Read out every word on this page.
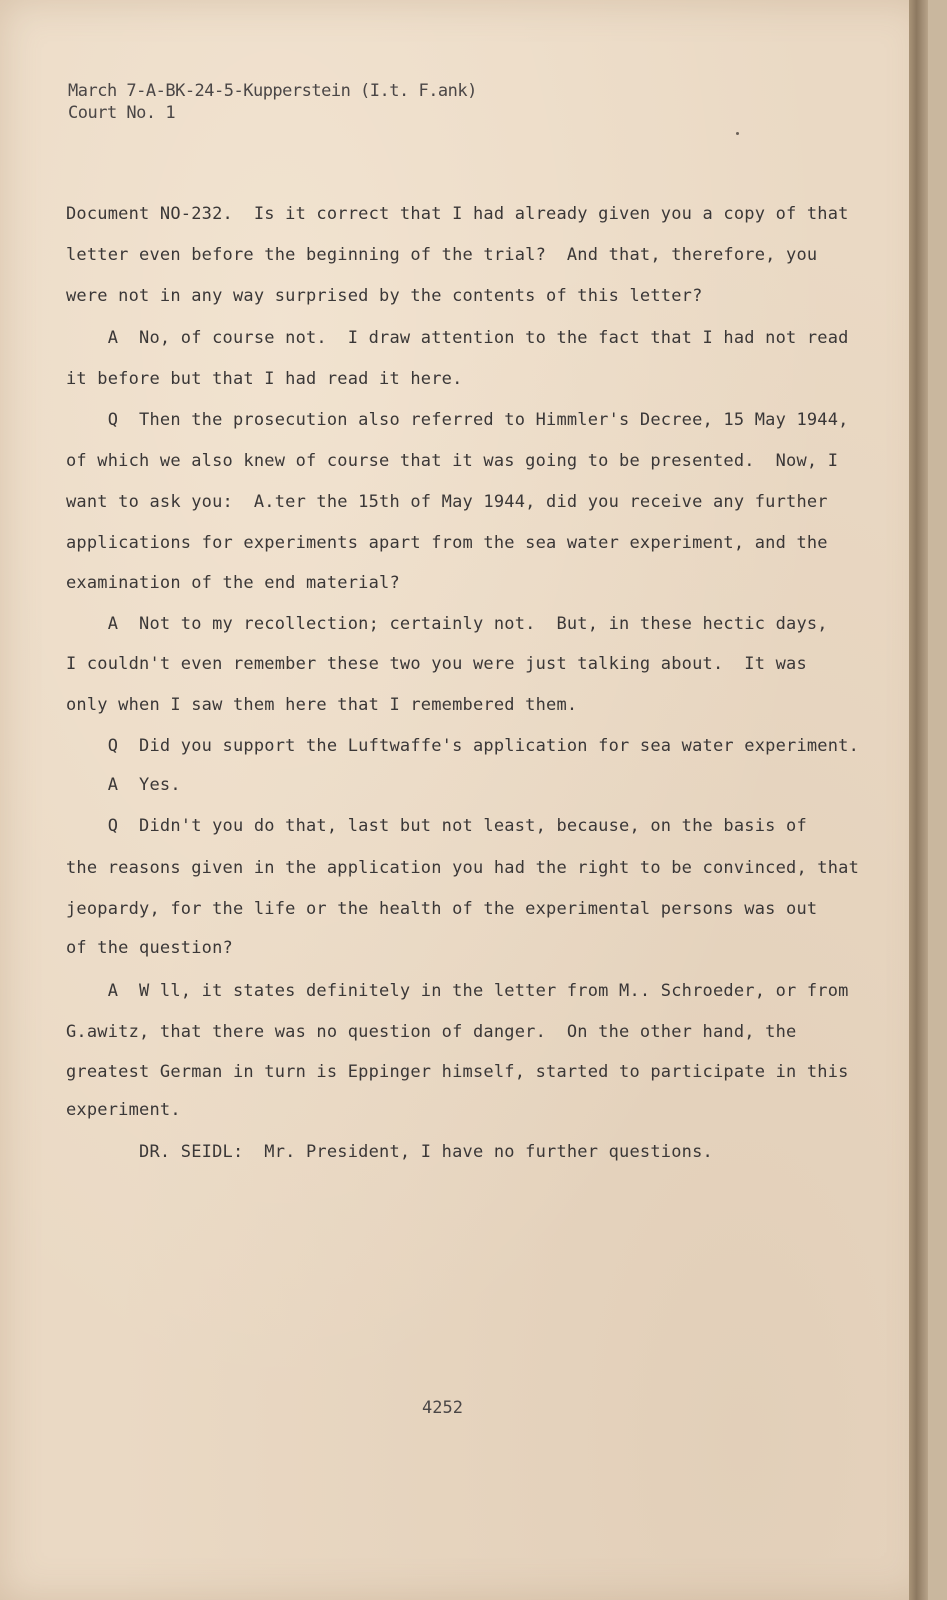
March 7-A-BK-24-5-Kupperstein (I.t. F.ank)
Court No. 1
Document NO-232.  Is it correct that I had already given you a copy of that
letter even before the beginning of the trial?  And that, therefore, you
were not in any way surprised by the contents of this letter?
A  No, of course not.  I draw attention to the fact that I had not read
it before but that I had read it here.
Q  Then the prosecution also referred to Himmler's Decree, 15 May 1944,
of which we also knew of course that it was going to be presented.  Now, I
want to ask you:  A.ter the 15th of May 1944, did you receive any further
applications for experiments apart from the sea water experiment, and the
examination of the end material?
A  Not to my recollection; certainly not.  But, in these hectic days,
I couldn't even remember these two you were just talking about.  It was
only when I saw them here that I remembered them.
Q  Did you support the Luftwaffe's application for sea water experiment.
A  Yes.
Q  Didn't you do that, last but not least, because, on the basis of
the reasons given in the application you had the right to be convinced, that
jeopardy, for the life or the health of the experimental persons was out
of the question?
A  W ll, it states definitely in the letter from M.. Schroeder, or from
G.awitz, that there was no question of danger.  On the other hand, the
greatest German in turn is Eppinger himself, started to participate in this
experiment.
DR. SEIDL:  Mr. President, I have no further questions.
4252
